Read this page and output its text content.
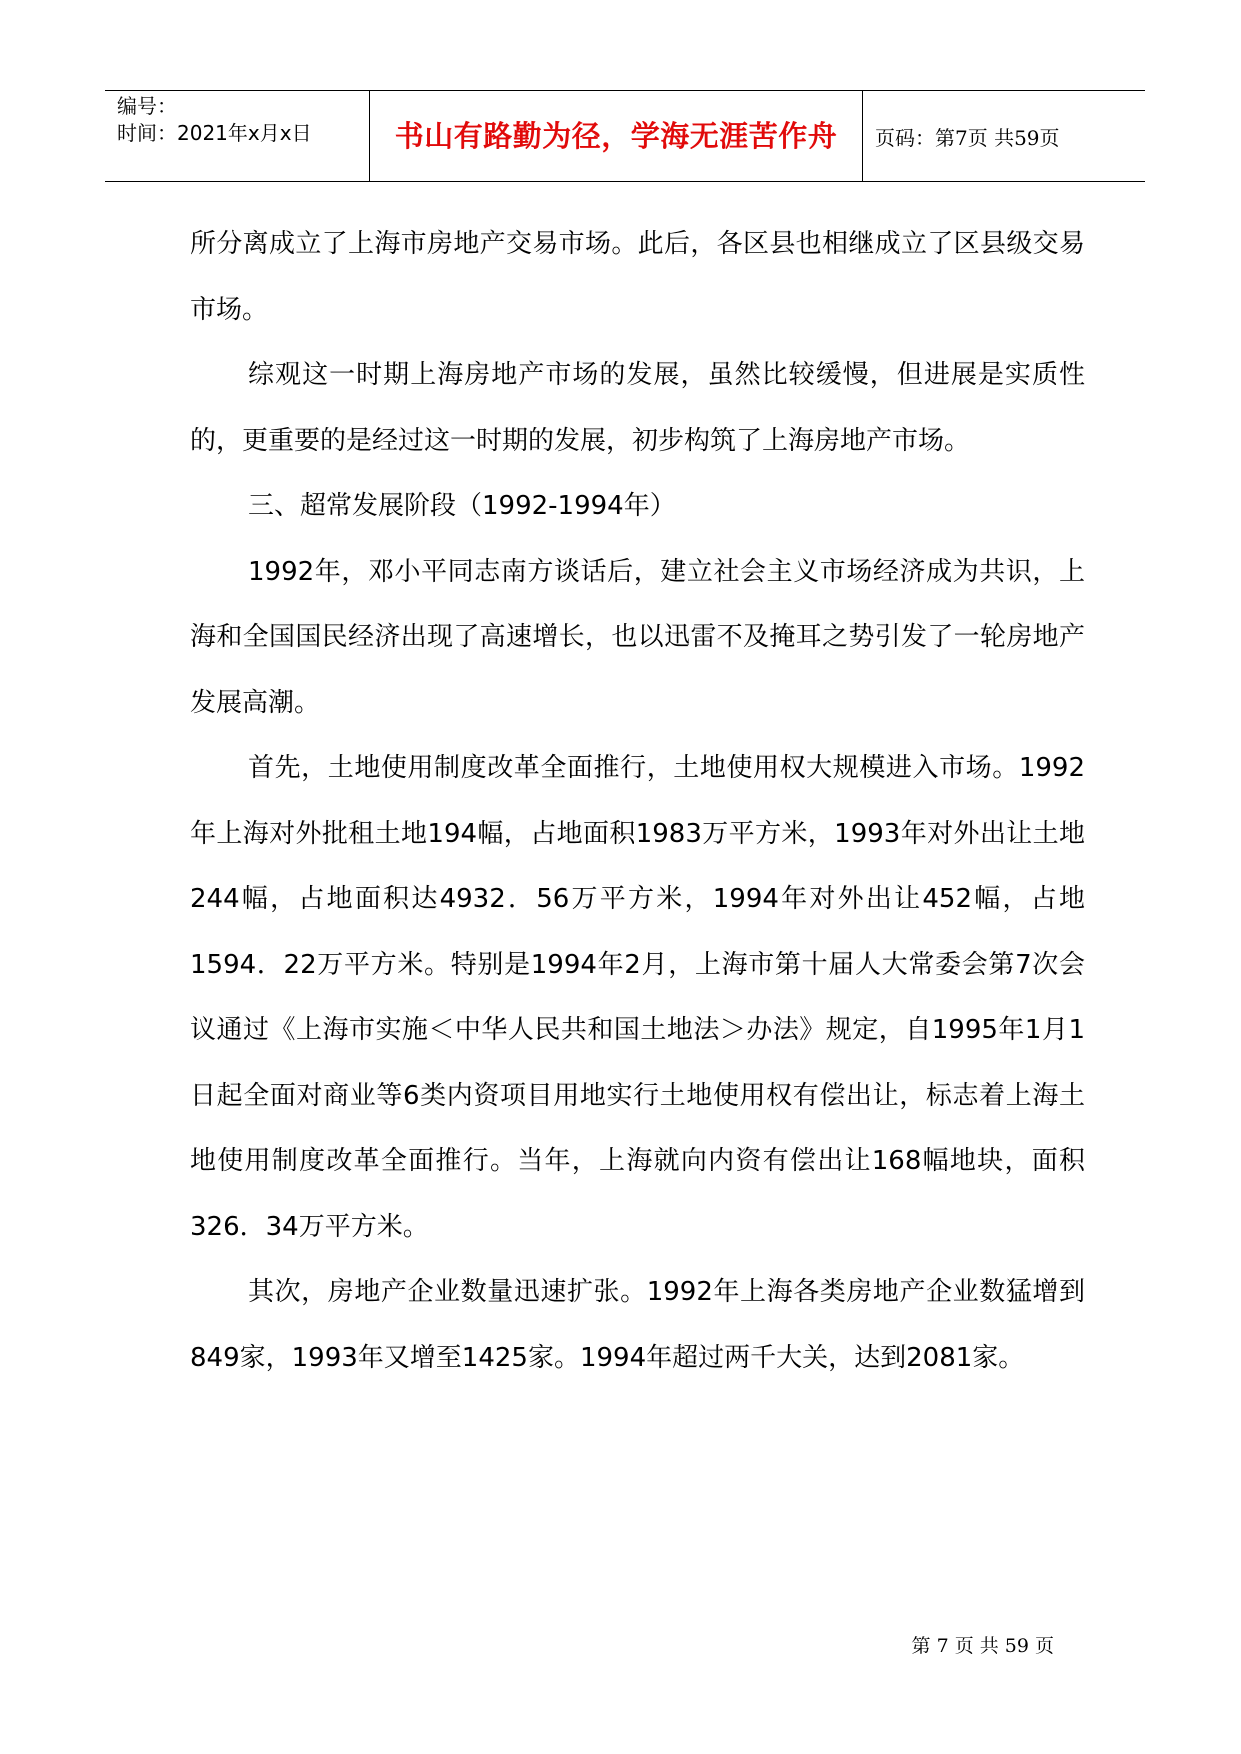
编号：
时间：2021年x月x日	书山有路勤为径，学海无涯苦作舟	页码：第7页 共59页

所分离成立了上海市房地产交易市场。此后，各区县也相继成立了区县级交易市场。

综观这一时期上海房地产市场的发展，虽然比较缓慢，但进展是实质性的，更重要的是经过这一时期的发展，初步构筑了上海房地产市场。

三、超常发展阶段（1992-1994年）

1992年，邓小平同志南方谈话后，建立社会主义市场经济成为共识，上海和全国国民经济出现了高速增长，也以迅雷不及掩耳之势引发了一轮房地产发展高潮。

首先，土地使用制度改革全面推行，土地使用权大规模进入市场。1992年上海对外批租土地194幅，占地面积1983万平方米，1993年对外出让土地244幅，占地面积达4932．56万平方米，1994年对外出让452幅，占地1594．22万平方米。特别是1994年2月，上海市第十届人大常委会第7次会议通过《上海市实施＜中华人民共和国土地法＞办法》规定，自1995年1月1日起全面对商业等6类内资项目用地实行土地使用权有偿出让，标志着上海土地使用制度改革全面推行。当年，上海就向内资有偿出让168幅地块，面积326．34万平方米。

其次，房地产企业数量迅速扩张。1992年上海各类房地产企业数猛增到849家，1993年又增至1425家。1994年超过两千大关，达到2081家。

第 7 页 共 59 页
